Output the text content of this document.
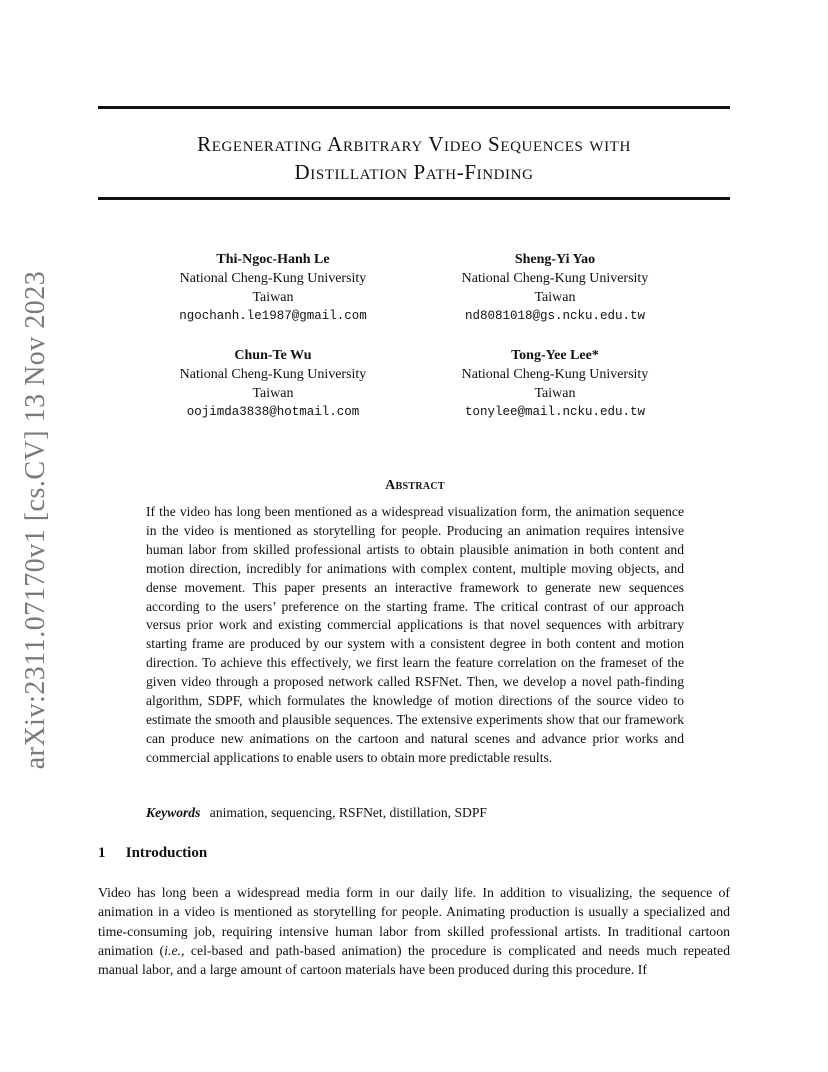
arXiv:2311.07170v1 [cs.CV] 13 Nov 2023
Regenerating Arbitrary Video Sequences with
Distillation Path-Finding
Thi-Ngoc-Hanh Le
National Cheng-Kung University
Taiwan
ngochanh.le1987@gmail.com
Sheng-Yi Yao
National Cheng-Kung University
Taiwan
nd8081018@gs.ncku.edu.tw
Chun-Te Wu
National Cheng-Kung University
Taiwan
oojimda3838@hotmail.com
Tong-Yee Lee*
National Cheng-Kung University
Taiwan
tonylee@mail.ncku.edu.tw
Abstract
If the video has long been mentioned as a widespread visualization form, the animation sequence in the video is mentioned as storytelling for people. Producing an animation requires intensive human labor from skilled professional artists to obtain plausible animation in both content and motion direction, incredibly for animations with complex content, multiple moving objects, and dense movement. This paper presents an interactive framework to generate new sequences according to the users’ preference on the starting frame. The critical contrast of our approach versus prior work and existing commercial applications is that novel sequences with arbitrary starting frame are produced by our system with a consistent degree in both content and motion direction. To achieve this effectively, we first learn the feature correlation on the frameset of the given video through a proposed network called RSFNet. Then, we develop a novel path-finding algorithm, SDPF, which formulates the knowledge of motion directions of the source video to estimate the smooth and plausible sequences. The extensive experiments show that our framework can produce new animations on the cartoon and natural scenes and advance prior works and commercial applications to enable users to obtain more predictable results.
Keywords animation, sequencing, RSFNet, distillation, SDPF
1 Introduction
Video has long been a widespread media form in our daily life. In addition to visualizing, the sequence of animation in a video is mentioned as storytelling for people. Animating production is usually a specialized and time-consuming job, requiring intensive human labor from skilled professional artists. In traditional cartoon animation (i.e., cel-based and path-based animation) the procedure is complicated and needs much repeated manual labor, and a large amount of cartoon materials have been produced during this procedure. If
